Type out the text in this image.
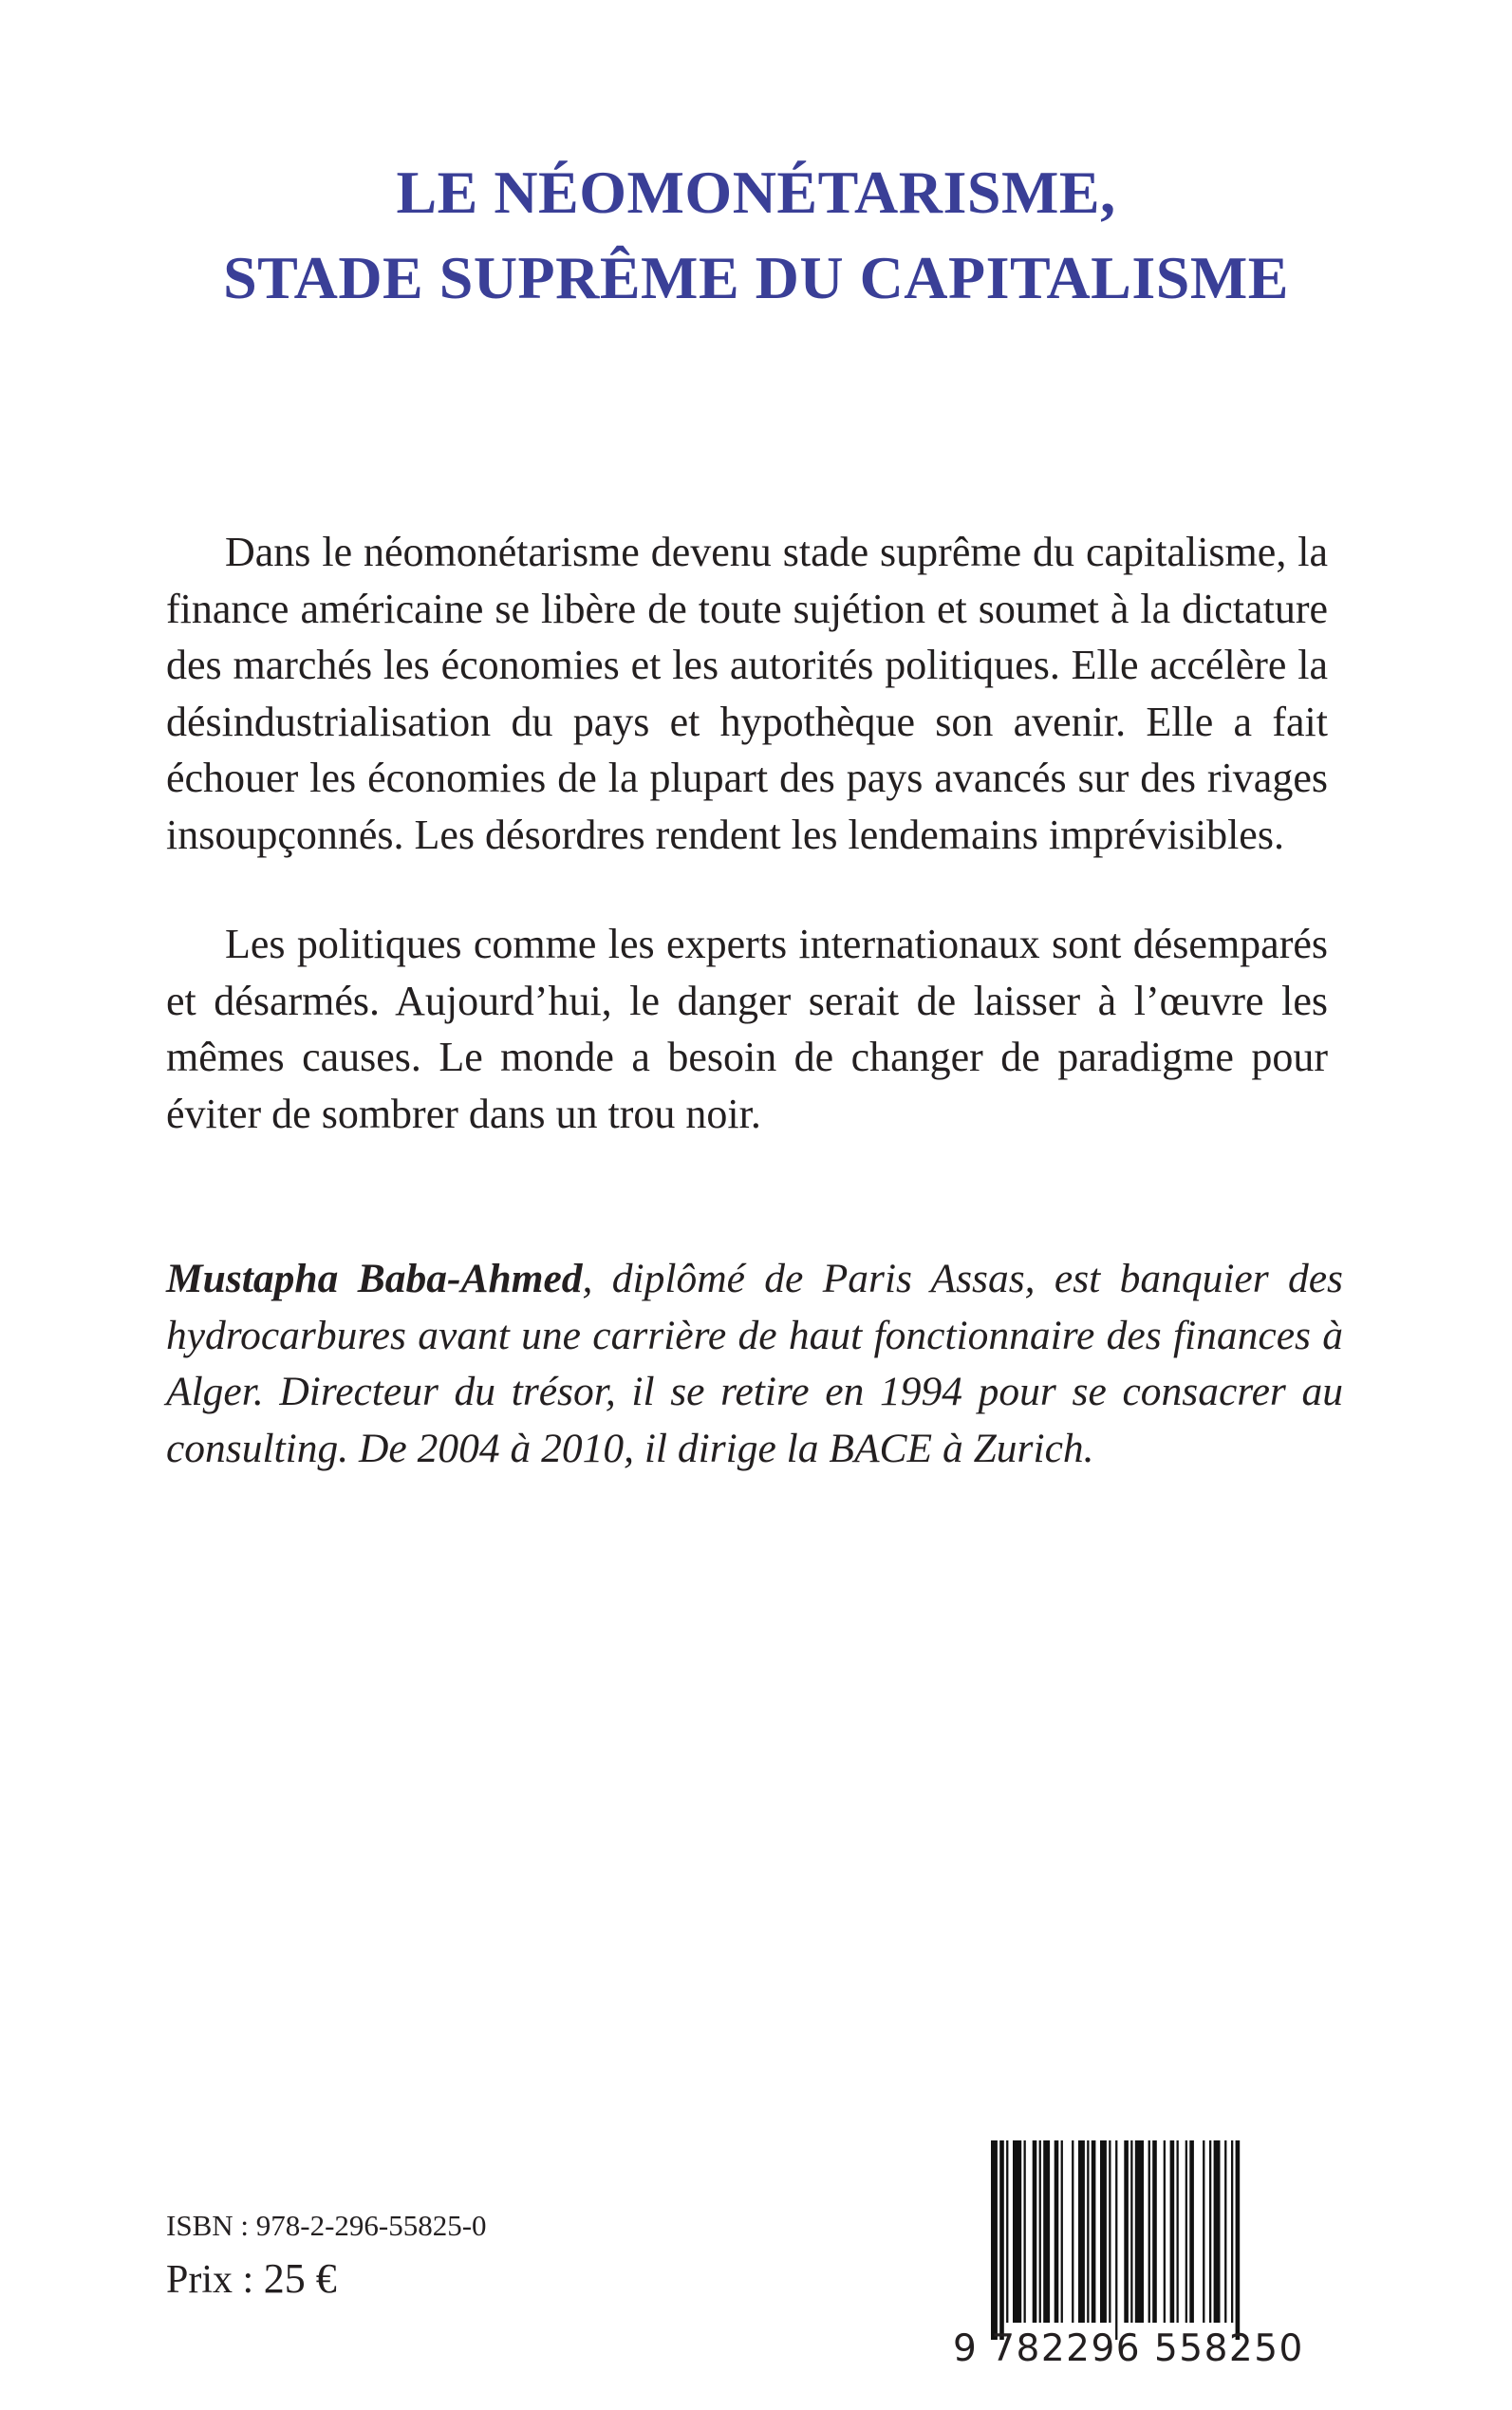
LE NÉOMONÉTARISME,
STADE SUPRÊME DU CAPITALISME

Dans le néomonétarisme devenu stade suprême du capitalisme, la finance américaine se libère de toute sujétion et soumet à la dictature des marchés les économies et les autorités politiques. Elle accélère la désindustrialisation du pays et hypothèque son avenir. Elle a fait échouer les économies de la plupart des pays avancés sur des rivages insoupçonnés. Les désordres rendent les lendemains imprévisibles.

Les politiques comme les experts internationaux sont désemparés et désarmés. Aujourd’hui, le danger serait de laisser à l’œuvre les mêmes causes. Le monde a besoin de changer de paradigme pour éviter de sombrer dans un trou noir.

Mustapha Baba-Ahmed, diplômé de Paris Assas, est banquier des hydrocarbures avant une carrière de haut fonctionnaire des finances à Alger. Directeur du trésor, il se retire en 1994 pour se consacrer au consulting. De 2004 à 2010, il dirige la BACE à Zurich.

ISBN : 978-2-296-55825-0
Prix : 25 €
9 782296 558250
